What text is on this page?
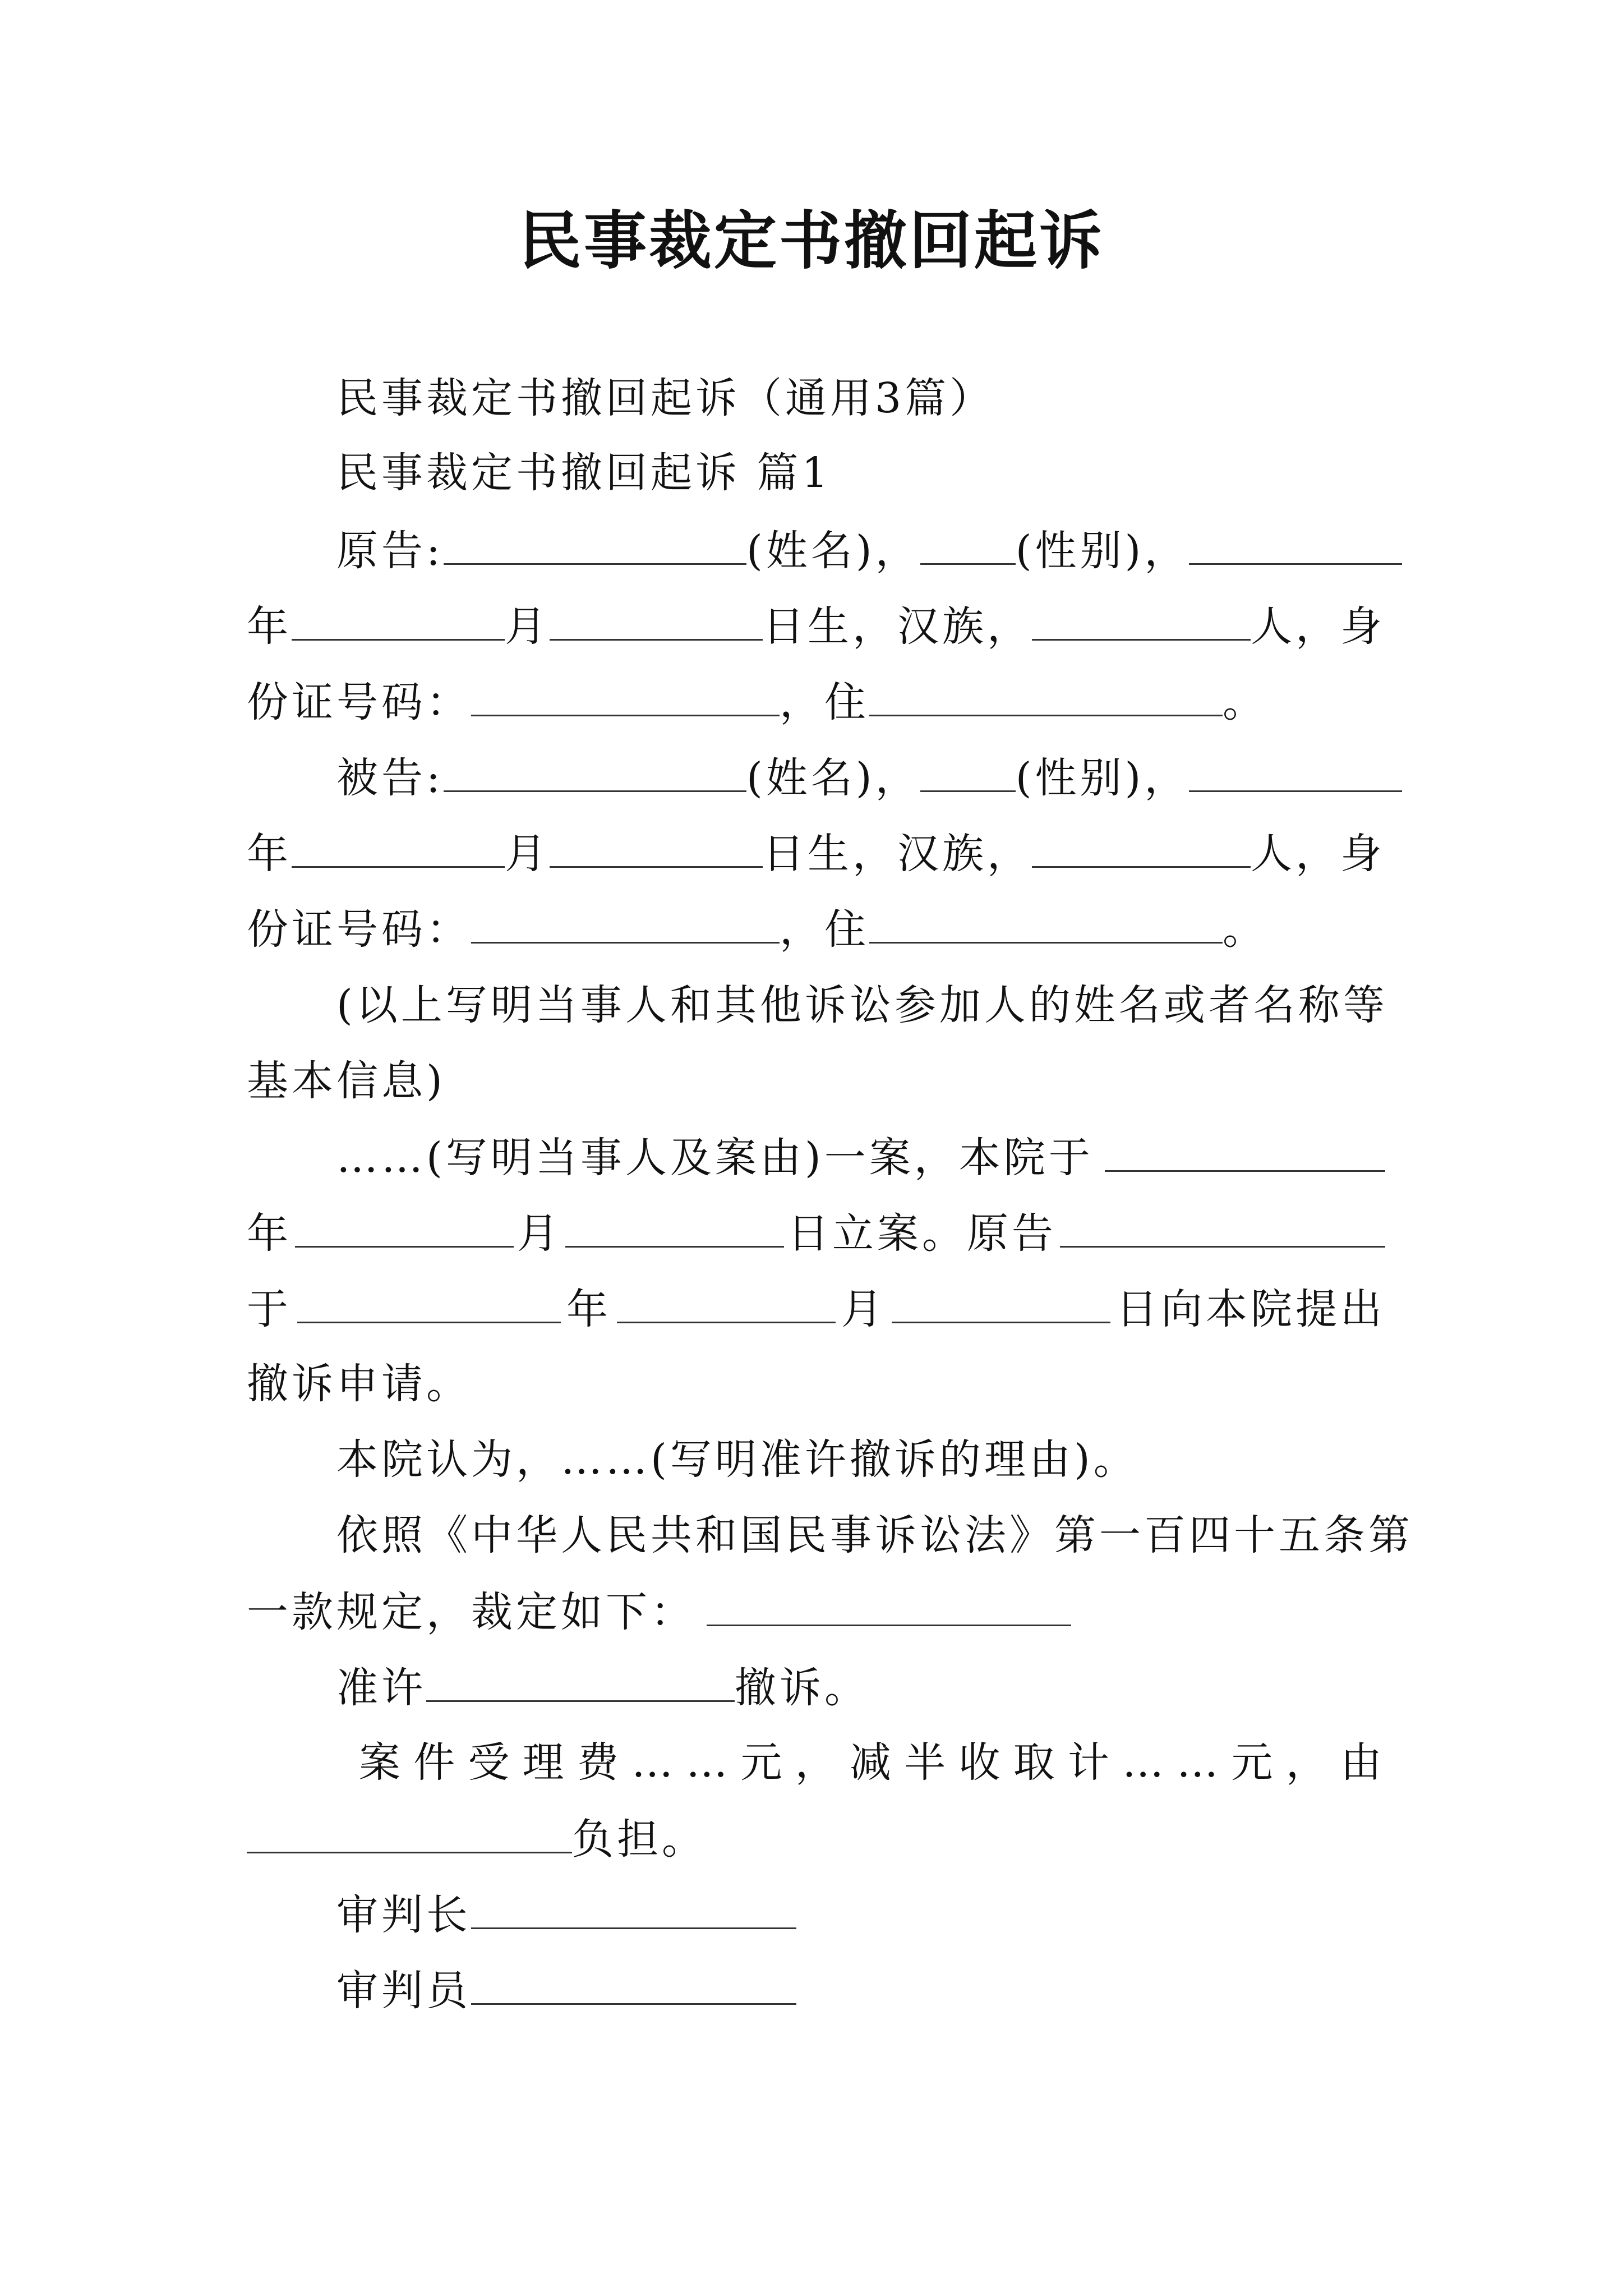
民事裁定书撤回起诉
民事裁定书撤回起诉（通用3篇）
民事裁定书撤回起诉 篇1
原告:	(姓名)， (性别)，
年	月	日生，汉族，	人，身
份证号码：	，住	。
被告:	(姓名)， (性别)，
年	月	日生，汉族，	人，身
份证号码：	，住	。
(以上写明当事人和其他诉讼参加人的姓名或者名称等
基本信息)
……(写明当事人及案由)一案，本院于
年	月	日立案。原告
于	年	月	日向本院提出
撤诉申请。
本院认为，……(写明准许撤诉的理由)。
依照《中华人民共和国民事诉讼法》第一百四十五条第
一款规定，裁定如下：
准许	撤诉。
案 件 受 理 费 … … 元 ， 减 半 收 取 计 … … 元 ， 由
负担。
审判长
审判员
